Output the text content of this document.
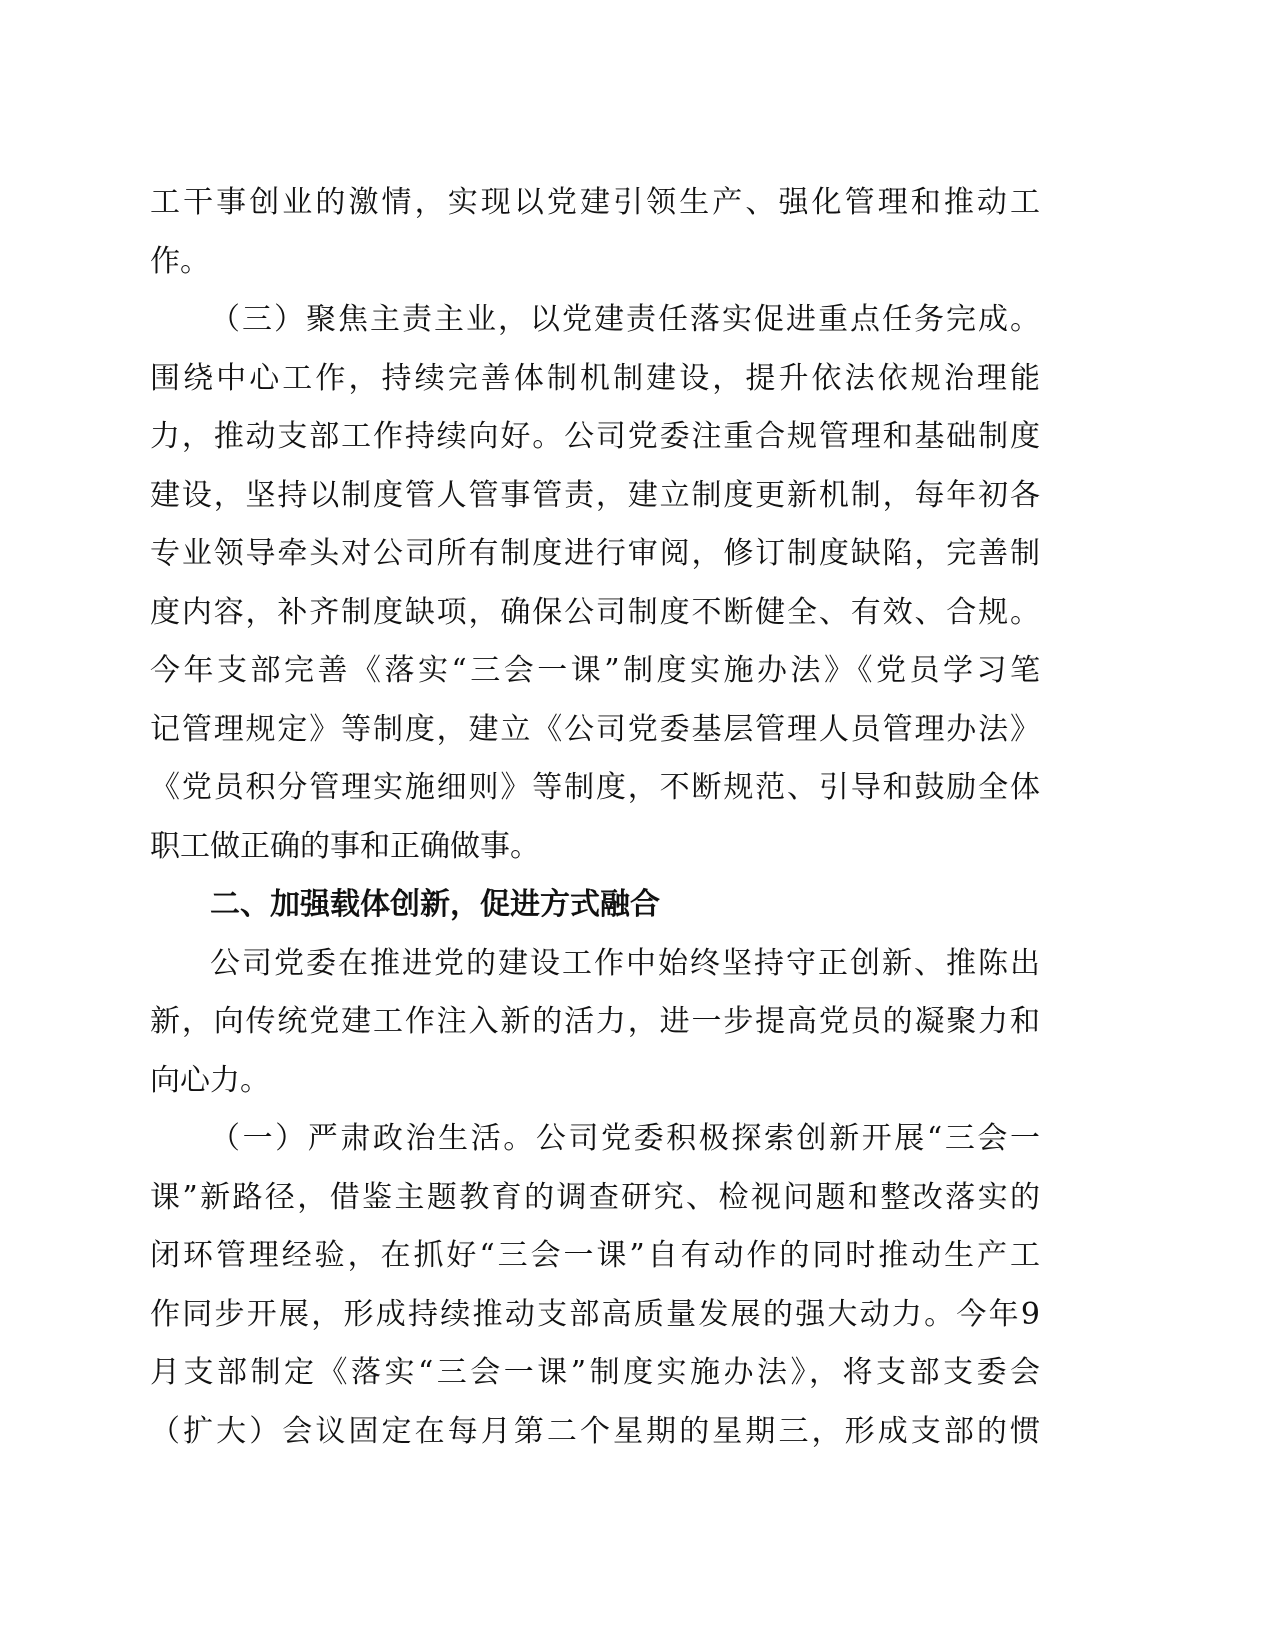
工干事创业的激情，实现以党建引领生产、强化管理和推动工
作。
（三）聚焦主责主业，以党建责任落实促进重点任务完成。
围绕中心工作，持续完善体制机制建设，提升依法依规治理能
力，推动支部工作持续向好。公司党委注重合规管理和基础制度
建设，坚持以制度管人管事管责，建立制度更新机制，每年初各
专业领导牵头对公司所有制度进行审阅，修订制度缺陷，完善制
度内容，补齐制度缺项，确保公司制度不断健全、有效、合规。
今年支部完善《落实“三会一课”制度实施办法》《党员学习笔
记管理规定》等制度，建立《公司党委基层管理人员管理办法》
《党员积分管理实施细则》等制度，不断规范、引导和鼓励全体
职工做正确的事和正确做事。
二、加强载体创新，促进方式融合
公司党委在推进党的建设工作中始终坚持守正创新、推陈出
新，向传统党建工作注入新的活力，进一步提高党员的凝聚力和
向心力。
（一）严肃政治生活。公司党委积极探索创新开展“三会一
课”新路径，借鉴主题教育的调查研究、检视问题和整改落实的
闭环管理经验，在抓好“三会一课”自有动作的同时推动生产工
作同步开展，形成持续推动支部高质量发展的强大动力。今年9
月支部制定《落实“三会一课”制度实施办法》，将支部支委会
（扩大）会议固定在每月第二个星期的星期三，形成支部的惯
